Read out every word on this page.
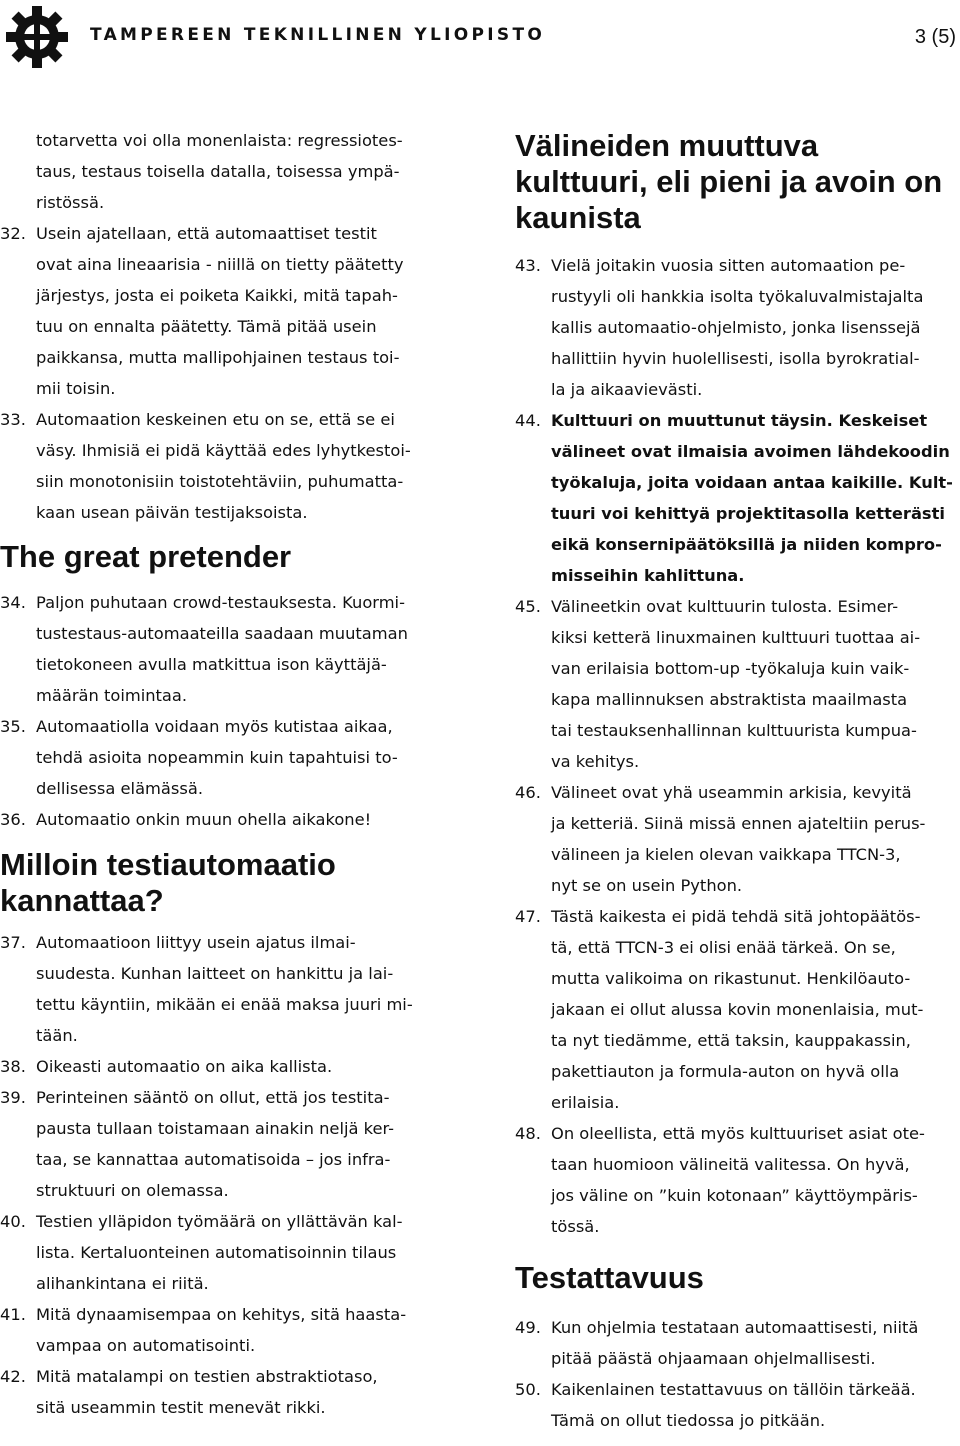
TAMPEREEN TEKNILLINEN YLIOPISTO	3 (5)
totarvetta voi olla monenlaista: regressiotes-
taus, testaus toisella datalla, toisessa ympä-
ristössä.
32. Usein ajatellaan, että automaattiset testit
ovat aina lineaarisia - niillä on tietty päätetty
järjestys, josta ei poiketa Kaikki, mitä tapah-
tuu on ennalta päätetty. Tämä pitää usein
paikkansa, mutta mallipohjainen testaus toi-
mii toisin.
33. Automaation keskeinen etu on se, että se ei
väsy. Ihmisiä ei pidä käyttää edes lyhytkestoi-
siin monotonisiin toistotehtäviin, puhumatta-
kaan usean päivän testijaksoista.
The great pretender
34. Paljon puhutaan crowd-testauksesta. Kuormi-
tustestaus-automaateilla saadaan muutaman
tietokoneen avulla matkittua ison käyttäjä-
määrän toimintaa.
35. Automaatiolla voidaan myös kutistaa aikaa,
tehdä asioita nopeammin kuin tapahtuisi to-
dellisessa elämässä.
36. Automaatio onkin muun ohella aikakone!
Milloin testiautomaatio
kannattaa?
37. Automaatioon liittyy usein ajatus ilmai-
suudesta. Kunhan laitteet on hankittu ja lai-
tettu käyntiin, mikään ei enää maksa juuri mi-
tään.
38. Oikeasti automaatio on aika kallista.
39. Perinteinen sääntö on ollut, että jos testita-
pausta tullaan toistamaan ainakin neljä ker-
taa, se kannattaa automatisoida – jos infra-
struktuuri on olemassa.
40. Testien ylläpidon työmäärä on yllättävän kal-
lista. Kertaluonteinen automatisoinnin tilaus
alihankintana ei riitä.
41. Mitä dynaamisempaa on kehitys, sitä haasta-
vampaa on automatisointi.
42. Mitä matalampi on testien abstraktiotaso,
sitä useammin testit menevät rikki.
Välineiden muuttuva
kulttuuri, eli pieni ja avoin on
kaunista
43. Vielä joitakin vuosia sitten automaation pe-
rustyyli oli hankkia isolta työkaluvalmistajalta
kallis automaatio-ohjelmisto, jonka lisenssejä
hallittiin hyvin huolellisesti, isolla byrokratial-
la ja aikaavievästi.
44. Kulttuuri on muuttunut täysin. Keskeiset
välineet ovat ilmaisia avoimen lähdekoodin
työkaluja, joita voidaan antaa kaikille. Kult-
tuuri voi kehittyä projektitasolla ketterästi
eikä konsernipäätöksillä ja niiden kompro-
misseihin kahlittuna.
45. Välineetkin ovat kulttuurin tulosta. Esimer-
kiksi ketterä linuxmainen kulttuuri tuottaa ai-
van erilaisia bottom-up -työkaluja kuin vaik-
kapa mallinnuksen abstraktista maailmasta
tai testauksenhallinnan kulttuurista kumpua-
va kehitys.
46. Välineet ovat yhä useammin arkisia, kevyitä
ja ketteriä. Siinä missä ennen ajateltiin perus-
välineen ja kielen olevan vaikkapa TTCN-3,
nyt se on usein Python.
47. Tästä kaikesta ei pidä tehdä sitä johtopäätös-
tä, että TTCN-3 ei olisi enää tärkeä. On se,
mutta valikoima on rikastunut. Henkilöauto-
jakaan ei ollut alussa kovin monenlaisia, mut-
ta nyt tiedämme, että taksin, kauppakassin,
pakettiauton ja formula-auton on hyvä olla
erilaisia.
48. On oleellista, että myös kulttuuriset asiat ote-
taan huomioon välineitä valitessa. On hyvä,
jos väline on ”kuin kotonaan” käyttöympäris-
tössä.
Testattavuus
49. Kun ohjelmia testataan automaattisesti, niitä
pitää päästä ohjaamaan ohjelmallisesti.
50. Kaikenlainen testattavuus on tällöin tärkeää.
Tämä on ollut tiedossa jo pitkään.
